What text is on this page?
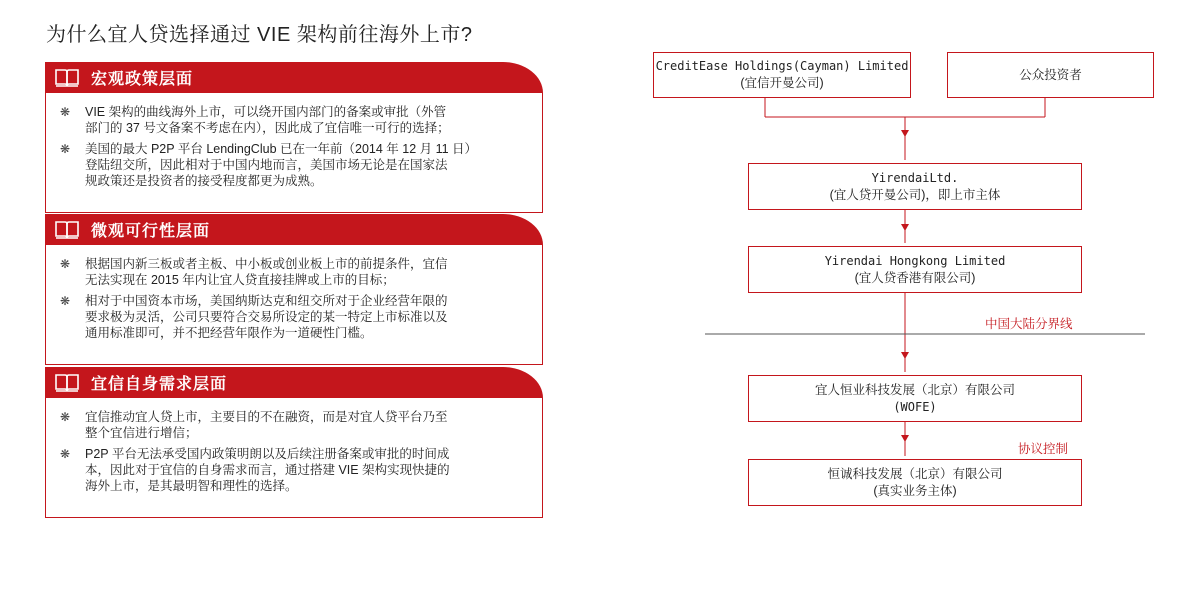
为什么宜人贷选择通过 VIE 架构前往海外上市?
宏观政策层面
❋ VIE 架构的曲线海外上市，可以绕开国内部门的备案或审批（外管
部门的 37 号文备案不考虑在内），因此成了宜信唯一可行的选择；
❋ 美国的最大 P2P 平台 LendingClub 已在一年前（2014 年 12 月 11 日）
登陆纽交所，因此相对于中国内地而言，美国市场无论是在国家法
规政策还是投资者的接受程度都更为成熟。
微观可行性层面
❋ 根据国内新三板或者主板、中小板或创业板上市的前提条件，宜信
无法实现在 2015 年内让宜人贷直接挂牌或上市的目标；
❋ 相对于中国资本市场，美国纳斯达克和纽交所对于企业经营年限的
要求极为灵活，公司只要符合交易所设定的某一特定上市标准以及
通用标准即可，并不把经营年限作为一道硬性门槛。
宜信自身需求层面
❋ 宜信推动宜人贷上市，主要目的不在融资，而是对宜人贷平台乃至
整个宜信进行增信；
❋ P2P 平台无法承受国内政策明朗以及后续注册备案或审批的时间成
本，因此对于宜信的自身需求而言，通过搭建 VIE 架构实现快捷的
海外上市，是其最明智和理性的选择。
CreditEase Holdings(Cayman) Limited
(宜信开曼公司)
公众投资者
YirendaiLtd.
(宜人贷开曼公司)，即上市主体
Yirendai Hongkong Limited
(宜人贷香港有限公司)
中国大陆分界线
宜人恒业科技发展（北京）有限公司
(WOFE)
协议控制
恒诚科技发展（北京）有限公司
(真实业务主体)
